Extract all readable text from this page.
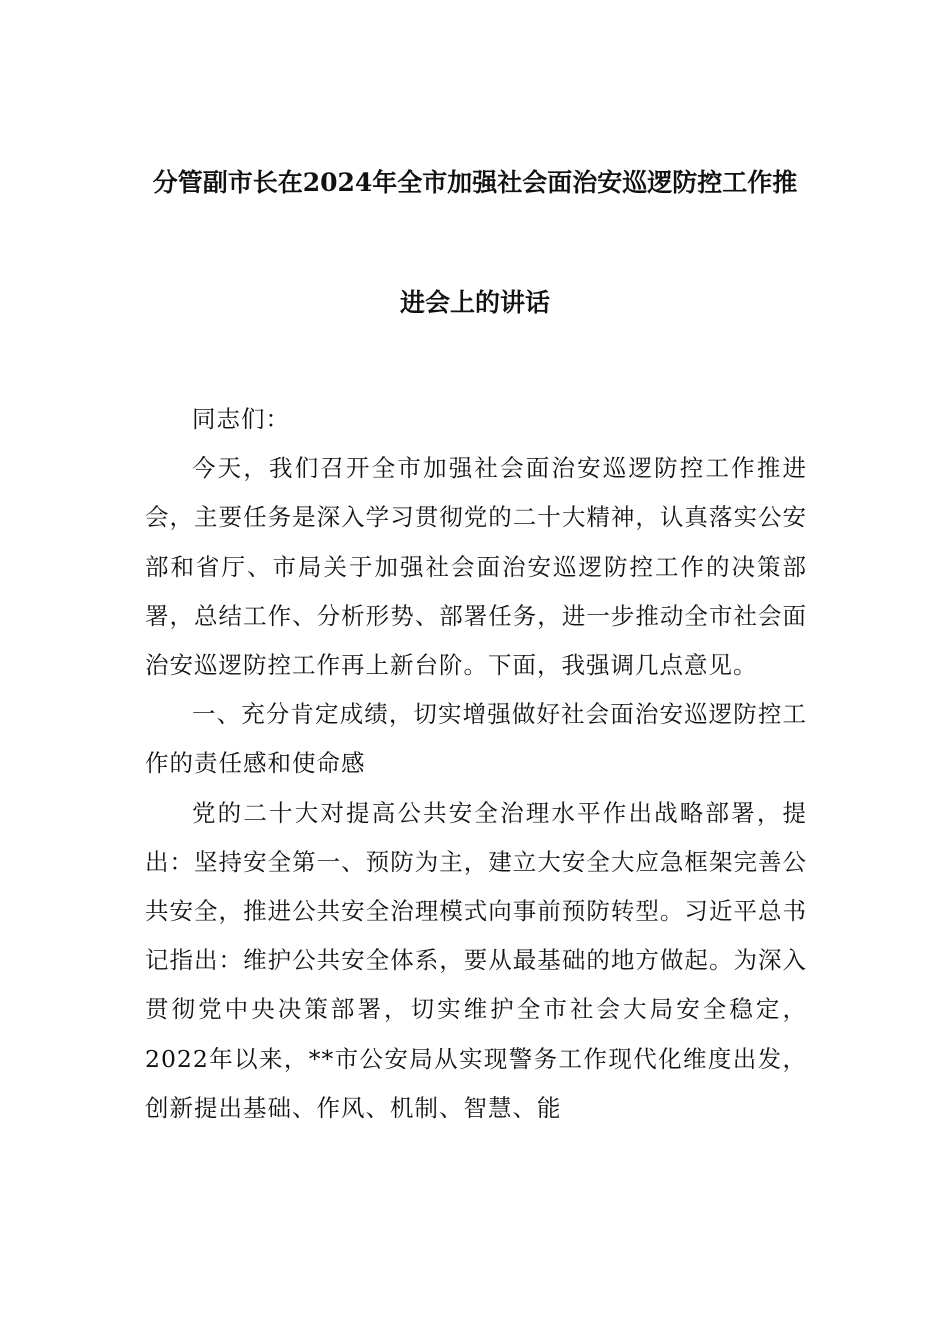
分管副市长在2024年全市加强社会面治安巡逻防控工作推
进会上的讲话

同志们：

今天，我们召开全市加强社会面治安巡逻防控工作推进会，主要任务是深入学习贯彻党的二十大精神，认真落实公安部和省厅、市局关于加强社会面治安巡逻防控工作的决策部署，总结工作、分析形势、部署任务，进一步推动全市社会面治安巡逻防控工作再上新台阶。下面，我强调几点意见。

一、充分肯定成绩，切实增强做好社会面治安巡逻防控工作的责任感和使命感

党的二十大对提高公共安全治理水平作出战略部署，提出：坚持安全第一、预防为主，建立大安全大应急框架完善公共安全，推进公共安全治理模式向事前预防转型。习近平总书记指出：维护公共安全体系，要从最基础的地方做起。为深入贯彻党中央决策部署，切实维护全市社会大局安全稳定，2022年以来，**市公安局从实现警务工作现代化维度出发，创新提出基础、作风、机制、智慧、能
